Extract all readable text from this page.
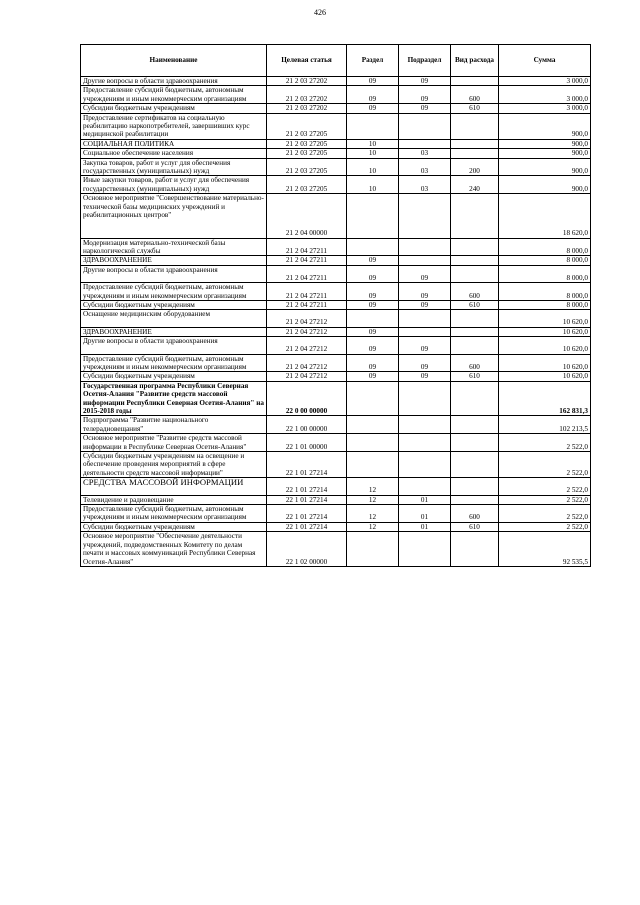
426
Наименование	Целевая статья	Раздел	Подраздел	Вид расхода	Сумма
Другие вопросы в области здравоохранения	21 2 03 27202	09	09		3 000,0
Предоставление субсидий бюджетным, автономным учреждениям и иным некоммерческим организациям	21 2 03 27202	09	09	600	3 000,0
Субсидии бюджетным учреждениям	21 2 03 27202	09	09	610	3 000,0
Предоставление сертификатов на социальную реабилитацию наркопотребителей, завершивших курс медицинской реабилитации	21 2 03 27205				900,0
СОЦИАЛЬНАЯ ПОЛИТИКА	21 2 03 27205	10			900,0
Социальное обеспечение населения	21 2 03 27205	10	03		900,0
Закупка товаров, работ и услуг для обеспечения государственных (муниципальных) нужд	21 2 03 27205	10	03	200	900,0
Иные закупки товаров, работ и услуг для обеспечения государственных (муниципальных) нужд	21 2 03 27205	10	03	240	900,0
Основное мероприятие "Совершенствование материально-технической базы медицинских учреждений и реабилитационных центров"	21 2 04 00000				18 620,0
Модернизация материально-технической базы наркологической службы	21 2 04 27211				8 000,0
ЗДРАВООХРАНЕНИЕ	21 2 04 27211	09			8 000,0
Другие вопросы в области здравоохранения	21 2 04 27211	09	09		8 000,0
Предоставление субсидий бюджетным, автономным учреждениям и иным некоммерческим организациям	21 2 04 27211	09	09	600	8 000,0
Субсидии бюджетным учреждениям	21 2 04 27211	09	09	610	8 000,0
Оснащение медицинским оборудованием	21 2 04 27212				10 620,0
ЗДРАВООХРАНЕНИЕ	21 2 04 27212	09			10 620,0
Другие вопросы в области здравоохранения	21 2 04 27212	09	09		10 620,0
Предоставление субсидий бюджетным, автономным учреждениям и иным некоммерческим организациям	21 2 04 27212	09	09	600	10 620,0
Субсидии бюджетным учреждениям	21 2 04 27212	09	09	610	10 620,0
Государственная программа Республики Северная Осетия-Алания "Развитие средств массовой информации Республики Северная Осетия-Алания" на 2015-2018 годы	22 0 00 00000				162 831,3
Подпрограмма "Развитие национального телерадиовещания"	22 1 00 00000				102 213,5
Основное мероприятие "Развитие средств массовой информации в Республике Северная Осетия-Алания"	22 1 01 00000				2 522,0
Субсидии бюджетным учреждениям на освещение и обеспечение проведения мероприятий в сфере деятельности средств массовой информации"	22 1 01 27214				2 522,0
СРЕДСТВА МАССОВОЙ ИНФОРМАЦИИ	22 1 01 27214	12			2 522,0
Телевидение и радиовещание	22 1 01 27214	12	01		2 522,0
Предоставление субсидий бюджетным, автономным учреждениям и иным некоммерческим организациям	22 1 01 27214	12	01	600	2 522,0
Субсидии бюджетным учреждениям	22 1 01 27214	12	01	610	2 522,0
Основное мероприятие "Обеспечение деятельности учреждений, подведомственных Комитету по делам печати и массовых коммуникаций Республики Северная Осетия-Алания"	22 1 02 00000				92 535,5
